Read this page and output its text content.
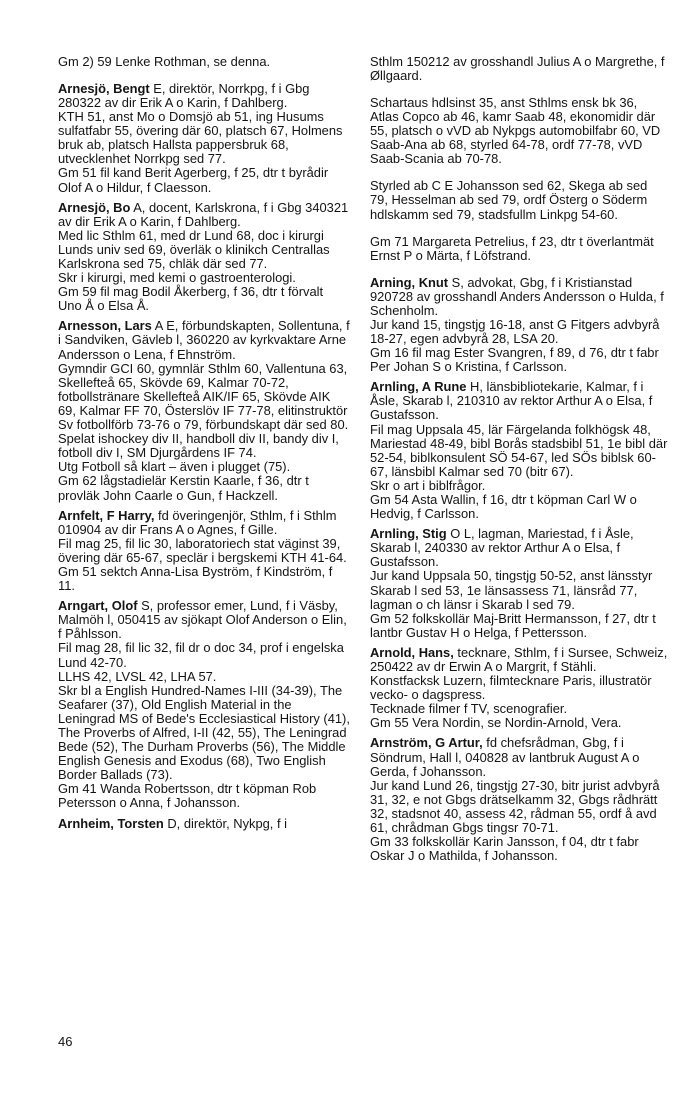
Gm 2) 59 Lenke Rothman, se denna.

Arnesjö, Bengt E, direktör, Norrkpg, f i Gbg 280322 av dir Erik A o Karin, f Dahlberg.

KTH 51, anst Mo o Domsjö ab 51, ing Husums sulfatfabr 55, övering där 60, platsch 67, Holmens bruk ab, platsch Hallsta pappersbruk 68, utvecklenhet Norrkpg sed 77.

Gm 51 fil kand Berit Agerberg, f 25, dtr t byrådir Olof A o Hildur, f Claesson.

Arnesjö, Bo A, docent, Karlskrona, f i Gbg 340321 av dir Erik A o Karin, f Dahlberg.

Med lic Sthlm 61, med dr Lund 68, doc i kirurgi Lunds univ sed 69, överläk o klinikch Centrallas Karlskrona sed 75, chläk där sed 77.

Skr i kirurgi, med kemi o gastroenterologi.

Gm 59 fil mag Bodil Åkerberg, f 36, dtr t förvalt Uno Å o Elsa Å.

Arnesson, Lars A E, förbundskapten, Sollentuna, f i Sandviken, Gävleb l, 360220 av kyrkvaktare Arne Andersson o Lena, f Ehnström.

Gymndir GCI 60, gymnlär Sthlm 60, Vallentuna 63, Skellefteå 65, Skövde 69, Kalmar 70-72, fotbollstränare Skellefteå AIK/IF 65, Skövde AIK 69, Kalmar FF 70, Österslöv IF 77-78, elitinstruktör Sv fotbollförb 73-76 o 79, förbundskapt där sed 80.

Spelat ishockey div II, handboll div II, bandy div I, fotboll div I, SM Djurgårdens IF 74.

Utg Fotboll så klart – även i plugget (75).

Gm 62 lågstadielär Kerstin Kaarle, f 36, dtr t provläk John Caarle o Gun, f Hackzell.

Arnfelt, F Harry, fd överingenjör, Sthlm, f i Sthlm 010904 av dir Frans A o Agnes, f Gille.

Fil mag 25, fil lic 30, laboratoriech stat väginst 39, övering där 65-67, speclär i bergskemi KTH 41-64.

Gm 51 sektch Anna-Lisa Byström, f Kindström, f 11.

Arngart, Olof S, professor emer, Lund, f i Väsby, Malmöh l, 050415 av sjökapt Olof Anderson o Elin, f Påhlsson.

Fil mag 28, fil lic 32, fil dr o doc 34, prof i engelska Lund 42-70.

LLHS 42, LVSL 42, LHA 57.

Skr bl a English Hundred-Names I-III (34-39), The Seafarer (37), Old English Material in the Leningrad MS of Bede's Ecclesiastical History (41), The Proverbs of Alfred, I-II (42, 55), The Leningrad Bede (52), The Durham Proverbs (56), The Middle English Genesis and Exodus (68), Two English Border Ballads (73).

Gm 41 Wanda Robertsson, dtr t köpman Rob Petersson o Anna, f Johansson.

Arnheim, Torsten D, direktör, Nykpg, f i

Sthlm 150212 av grosshandl Julius A o Margrethe, f Øllgaard.

Schartaus hdlsinst 35, anst Sthlms ensk bk 36, Atlas Copco ab 46, kamr Saab 48, ekonomidir där 55, platsch o vVD ab Nykpgs automobilfabr 60, VD Saab-Ana ab 68, styrled 64-78, ordf 77-78, vVD Saab-Scania ab 70-78.

Styrled ab C E Johansson sed 62, Skega ab sed 79, Hesselman ab sed 79, ordf Österg o Söderm hdlskamm sed 79, stadsfullm Linkpg 54-60.

Gm 71 Margareta Petrelius, f 23, dtr t överlantmät Ernst P o Märta, f Löfstrand.

Arning, Knut S, advokat, Gbg, f i Kristianstad 920728 av grosshandl Anders Andersson o Hulda, f Schenholm.

Jur kand 15, tingstjg 16-18, anst G Fitgers advbyrå 18-27, egen advbyrå 28, LSA 20.

Gm 16 fil mag Ester Svangren, f 89, d 76, dtr t fabr Per Johan S o Kristina, f Carlsson.

Arnling, A Rune H, länsbibliotekarie, Kalmar, f i Åsle, Skarab l, 210310 av rektor Arthur A o Elsa, f Gustafsson.

Fil mag Uppsala 45, lär Färgelanda folkhögsk 48, Mariestad 48-49, bibl Borås stadsbibl 51, 1e bibl där 52-54, biblkonsulent SÖ 54-67, led SÖs biblsk 60-67, länsbibl Kalmar sed 70 (bitr 67).

Skr o art i biblfrågor.

Gm 54 Asta Wallin, f 16, dtr t köpman Carl W o Hedvig, f Carlsson.

Arnling, Stig O L, lagman, Mariestad, f i Åsle, Skarab l, 240330 av rektor Arthur A o Elsa, f Gustafsson.

Jur kand Uppsala 50, tingstjg 50-52, anst länsstyr Skarab l sed 53, 1e länsassess 71, länsråd 77, lagman o ch länsr i Skarab l sed 79.

Gm 52 folkskollär Maj-Britt Hermansson, f 27, dtr t lantbr Gustav H o Helga, f Pettersson.

Arnold, Hans, tecknare, Sthlm, f i Sursee, Schweiz, 250422 av dr Erwin A o Margrit, f Stähli.

Konstfacksk Luzern, filmtecknare Paris, illustratör vecko- o dagspress.

Tecknade filmer f TV, scenografier.

Gm 55 Vera Nordin, se Nordin-Arnold, Vera.

Arnström, G Artur, fd chefsrådman, Gbg, f i Söndrum, Hall l, 040828 av lantbruk August A o Gerda, f Johansson.

Jur kand Lund 26, tingstjg 27-30, bitr jurist advbyrå 31, 32, e not Gbgs drätselkamm 32, Gbgs rådhrätt 32, stadsnot 40, assess 42, rådman 55, ordf å avd 61, chrådman Gbgs tingsr 70-71.

Gm 33 folkskollär Karin Jansson, f 04, dtr t fabr Oskar J o Mathilda, f Johansson.

46
